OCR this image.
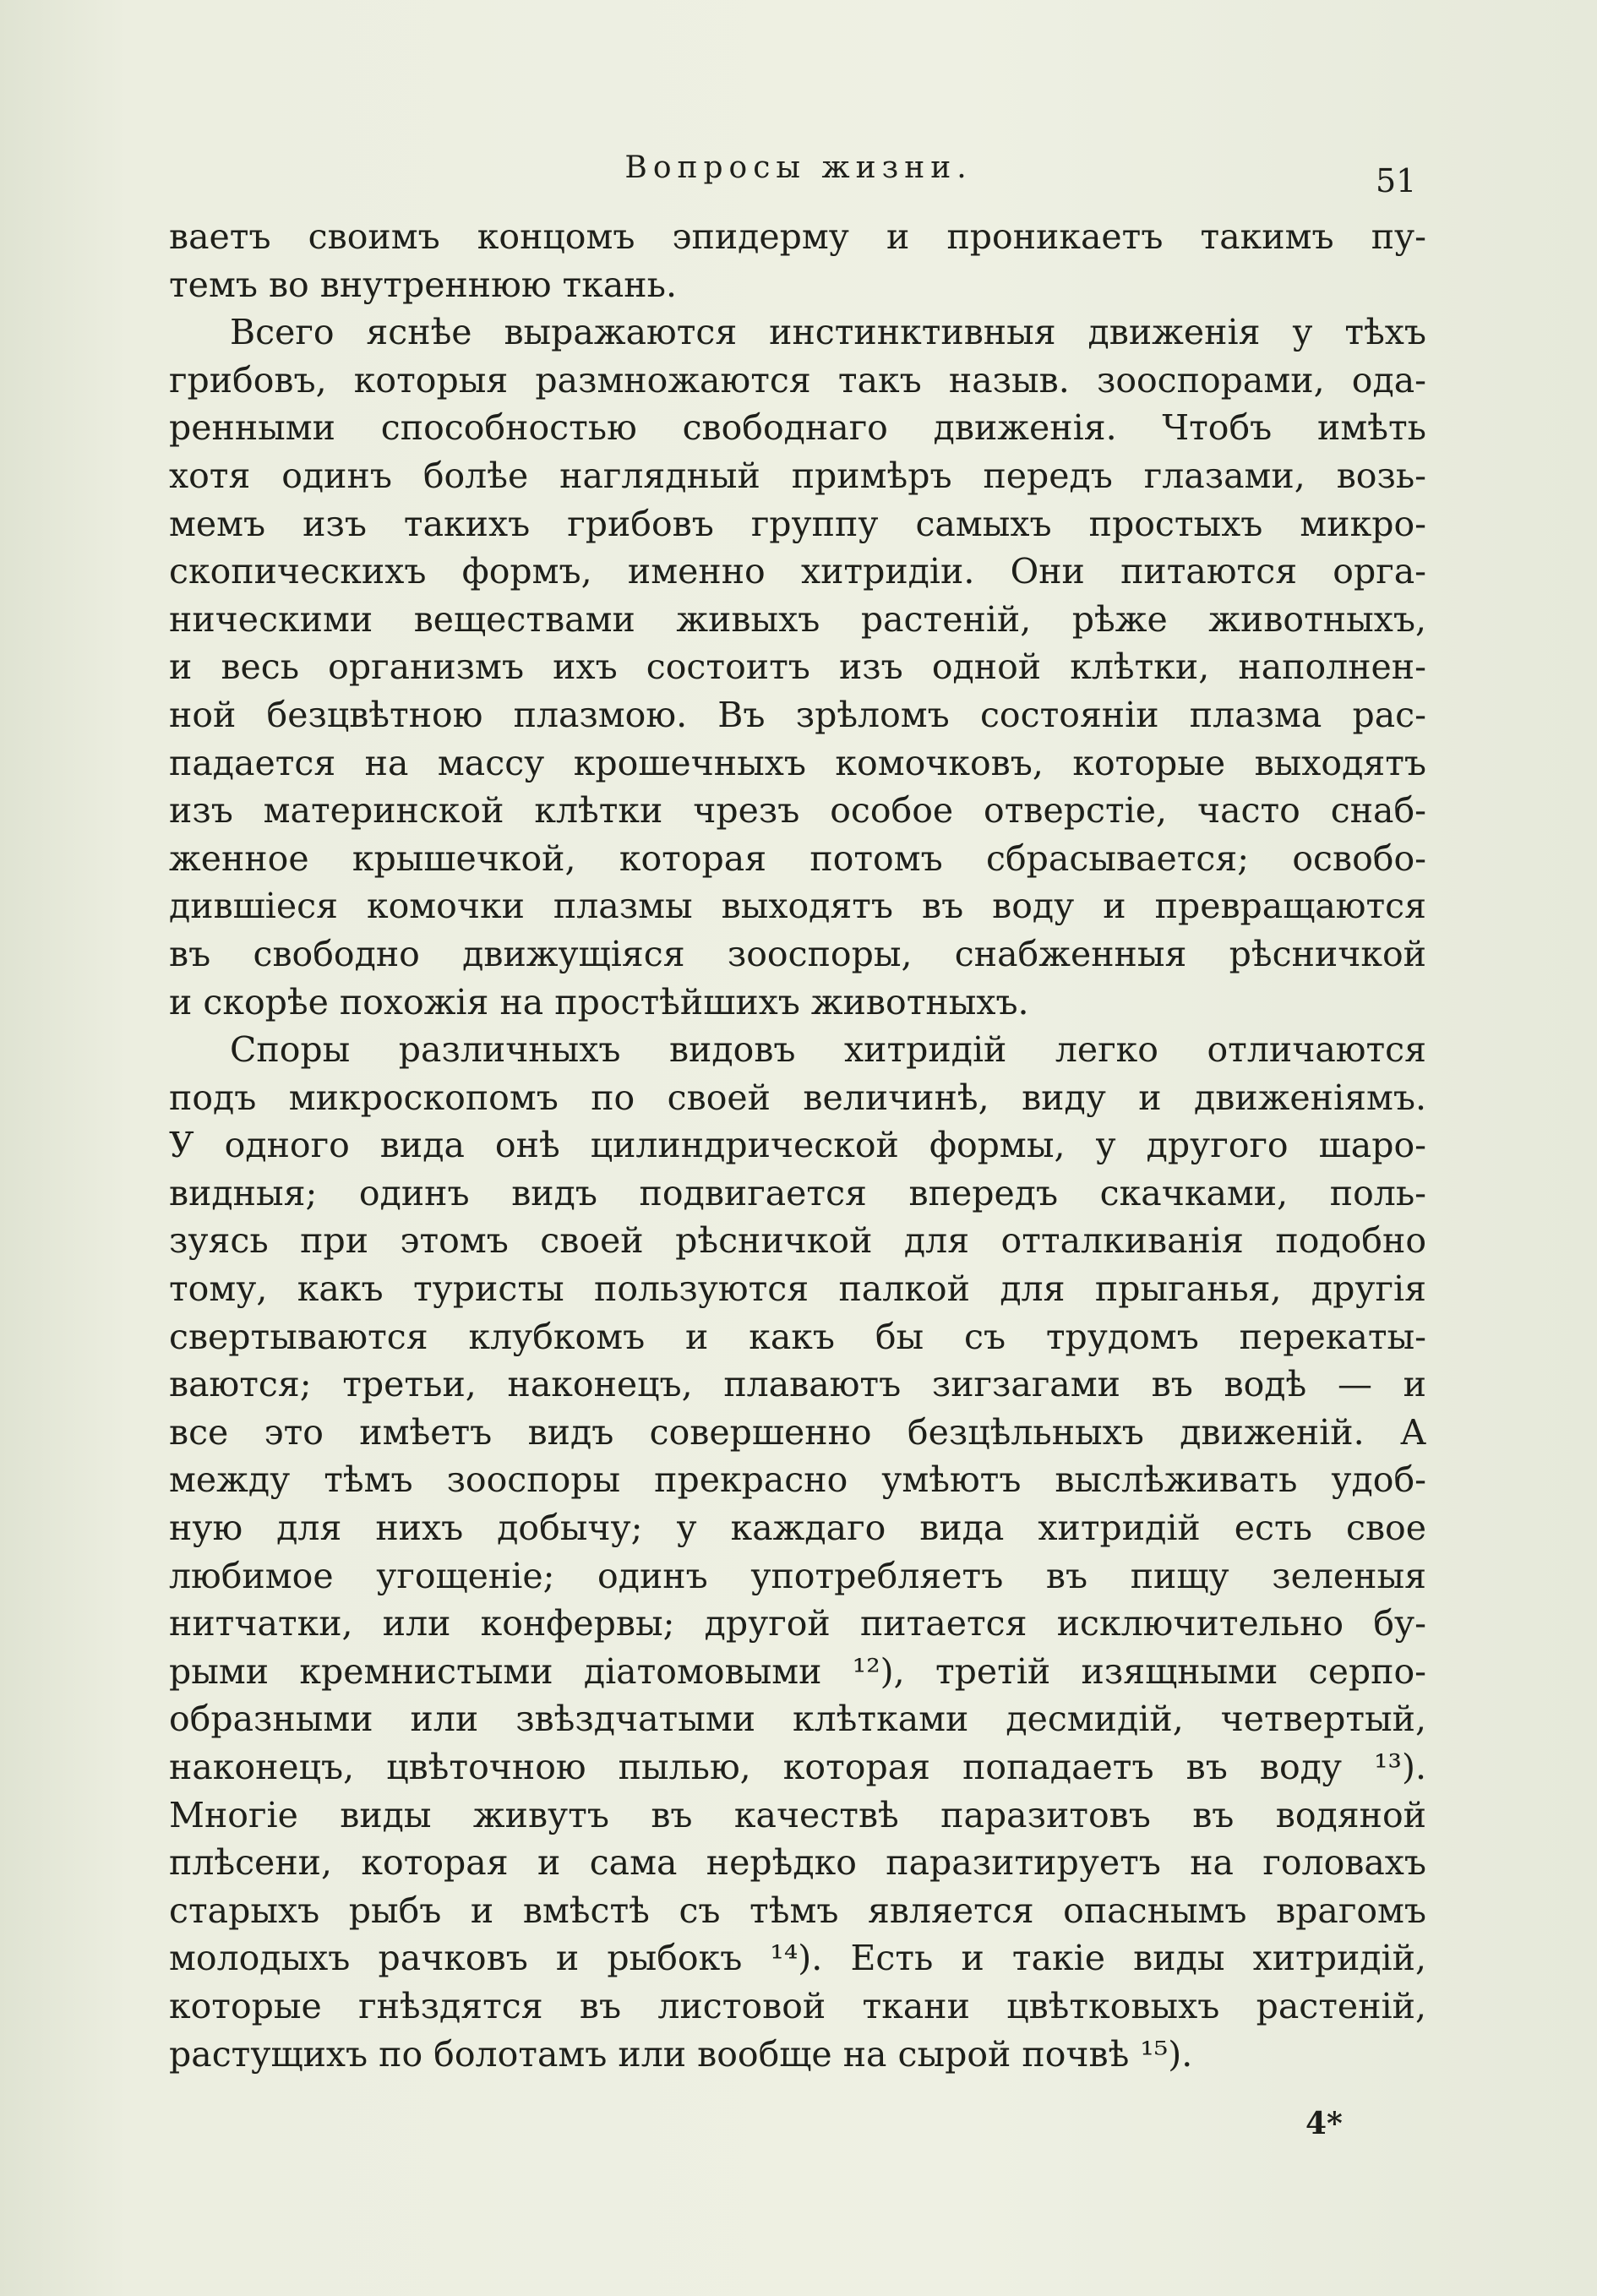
Вопросы жизни.	51
ваетъ своимъ концомъ эпидерму и проникаетъ такимъ пу-
темъ во внутреннюю ткань.
Всего яснѣе выражаются инстинктивныя движенія у тѣхъ
грибовъ, которыя размножаются такъ назыв. зооспорами, ода-
ренными способностью свободнаго движенія. Чтобъ имѣть
хотя одинъ болѣе наглядный примѣръ передъ глазами, возь-
мемъ изъ такихъ грибовъ группу самыхъ простыхъ микро-
скопическихъ формъ, именно хитридіи. Они питаются орга-
ническими веществами живыхъ растеній, рѣже животныхъ,
и весь организмъ ихъ состоитъ изъ одной клѣтки, наполнен-
ной безцвѣтною плазмою. Въ зрѣломъ состояніи плазма рас-
падается на массу крошечныхъ комочковъ, которые выходятъ
изъ материнской клѣтки чрезъ особое отверстіе, часто снаб-
женное крышечкой, которая потомъ сбрасывается; освобо-
дившіеся комочки плазмы выходятъ въ воду и превращаются
въ свободно движущіяся зооспоры, снабженныя рѣсничкой
и скорѣе похожія на простѣйшихъ животныхъ.
Споры различныхъ видовъ хитридій легко отличаются
подъ микроскопомъ по своей величинѣ, виду и движеніямъ.
У одного вида онѣ цилиндрической формы, у другого шаро-
видныя; одинъ видъ подвигается впередъ скачками, поль-
зуясь при этомъ своей рѣсничкой для отталкиванія подобно
тому, какъ туристы пользуются палкой для прыганья, другія
свертываются клубкомъ и какъ бы съ трудомъ перекаты-
ваются; третьи, наконецъ, плаваютъ зигзагами въ водѣ — и
все это имѣетъ видъ совершенно безцѣльныхъ движеній. А
между тѣмъ зооспоры прекрасно умѣютъ выслѣживать удоб-
ную для нихъ добычу; у каждаго вида хитридій есть свое
любимое угощеніе; одинъ употребляетъ въ пищу зеленыя
нитчатки, или конфервы; другой питается исключительно бу-
рыми кремнистыми діатомовыми ¹²), третій изящными серпо-
образными или звѣздчатыми клѣтками десмидій, четвертый,
наконецъ, цвѣточною пылью, которая попадаетъ въ воду ¹³).
Многіе виды живутъ въ качествѣ паразитовъ въ водяной
плѣсени, которая и сама нерѣдко паразитируетъ на головахъ
старыхъ рыбъ и вмѣстѣ съ тѣмъ является опаснымъ врагомъ
молодыхъ рачковъ и рыбокъ ¹⁴). Есть и такіе виды хитридій,
которые гнѣздятся въ листовой ткани цвѣтковыхъ растеній,
растущихъ по болотамъ или вообще на сырой почвѣ ¹⁵).
4*
